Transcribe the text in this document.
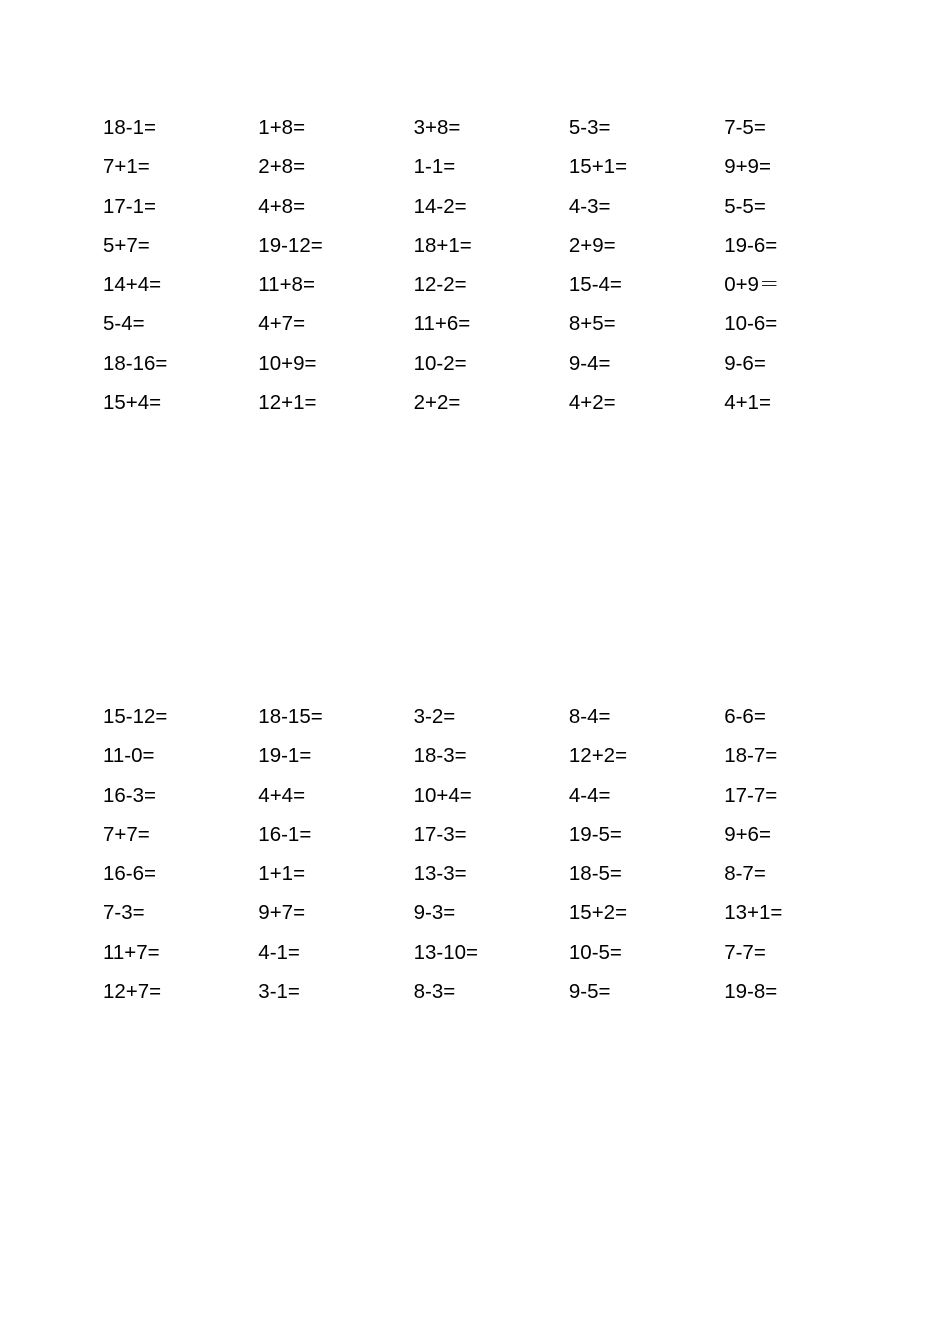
18-1=	1+8=	3+8=	5-3=	7-5=
7+1=	2+8=	1-1=	15+1=	9+9=
17-1=	4+8=	14-2=	4-3=	5-5=
5+7=	19-12=	18+1=	2+9=	19-6=
14+4=	11+8=	12-2=	15-4=	0+9＝
5-4=	4+7=	11+6=	8+5=	10-6=
18-16=	10+9=	10-2=	9-4=	9-6=
15+4=	12+1=	2+2=	4+2=	4+1=
15-12=	18-15=	3-2=	8-4=	6-6=
11-0=	19-1=	18-3=	12+2=	18-7=
16-3=	4+4=	10+4=	4-4=	17-7=
7+7=	16-1=	17-3=	19-5=	9+6=
16-6=	1+1=	13-3=	18-5=	8-7=
7-3=	9+7=	9-3=	15+2=	13+1=
11+7=	4-1=	13-10=	10-5=	7-7=
12+7=	3-1=	8-3=	9-5=	19-8=
